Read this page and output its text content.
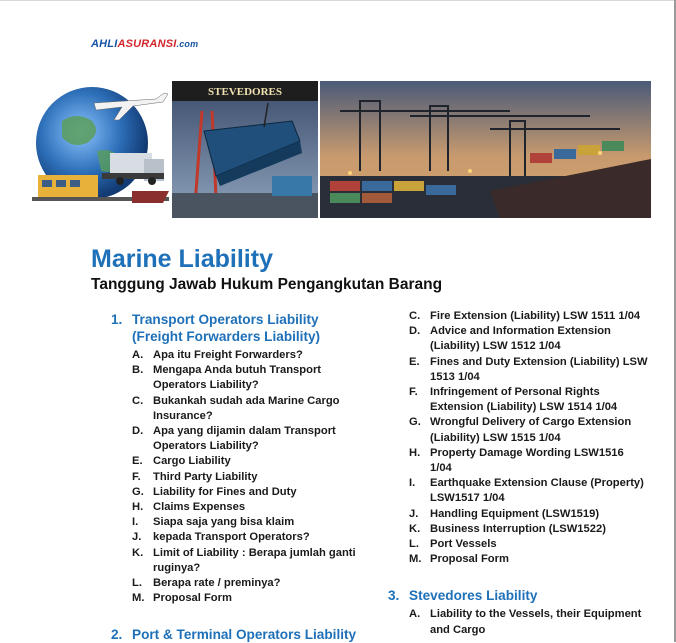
AHLIASURANSI.com
STEVEDORES
Marine Liability
Tanggung Jawab Hukum Pengangkutan Barang
1. Transport Operators Liability (Freight Forwarders Liability)
A. Apa itu Freight Forwarders?
B. Mengapa Anda butuh Transport Operators Liability?
C. Bukankah sudah ada Marine Cargo Insurance?
D. Apa yang dijamin dalam Transport Operators Liability?
E. Cargo Liability
F.	Third Party Liability
G. Liability for Fines and Duty
H. Claims Expenses
I.	Siapa saja yang bisa klaim
J.	kepada Transport Operators?
K. Limit of Liability : Berapa jumlah ganti ruginya?
L. Berapa rate / preminya?
M. Proposal Form
2. Port & Terminal Operators Liability
C. Fire Extension (Liability) LSW 1511 1/04
D. Advice and Information Extension (Liability) LSW 1512 1/04
E. Fines and Duty Extension (Liability) LSW 1513 1/04
F.	Infringement of Personal Rights Extension (Liability) LSW 1514 1/04
G. Wrongful Delivery of Cargo Extension (Liability) LSW 1515 1/04
H. Property Damage Wording LSW1516 1/04
I.	Earthquake Extension Clause (Property) LSW1517 1/04
J.	Handling Equipment (LSW1519)
K. Business Interruption (LSW1522)
L. Port Vessels
M. Proposal Form
3. Stevedores Liability
A. Liability to the Vessels, their Equipment and Cargo
